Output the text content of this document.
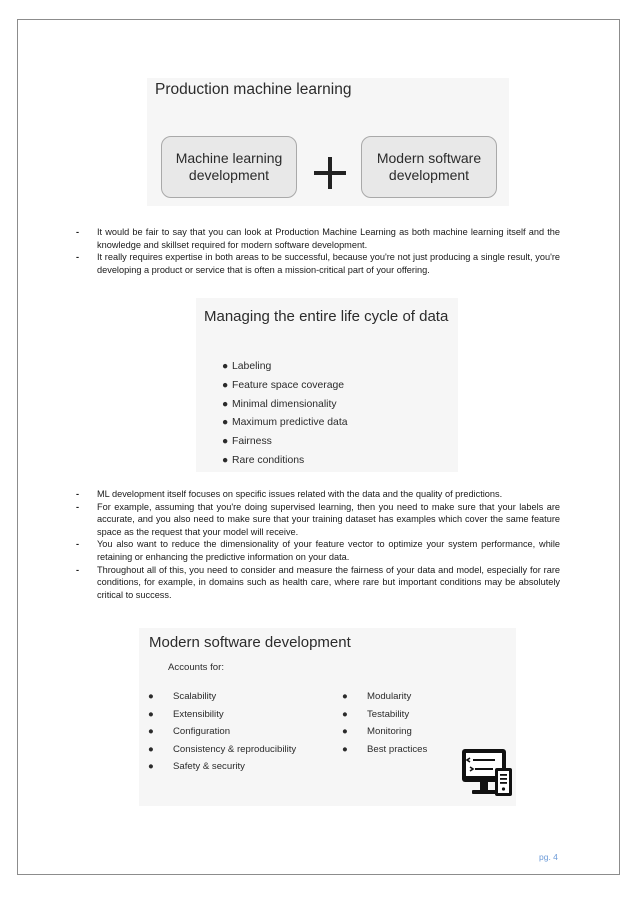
Production machine learning
Machine learning development
Modern software development
- It would be fair to say that you can look at Production Machine Learning as both machine learning itself and the knowledge and skillset required for modern software development.
- It really requires expertise in both areas to be successful, because you're not just producing a single result, you're developing a product or service that is often a mission-critical part of your offering.
Managing the entire life cycle of data
● Labeling
● Feature space coverage
● Minimal dimensionality
● Maximum predictive data
● Fairness
● Rare conditions
- ML development itself focuses on specific issues related with the data and the quality of predictions.
- For example, assuming that you're doing supervised learning, then you need to make sure that your labels are accurate, and you also need to make sure that your training dataset has examples which cover the same feature space as the request that your model will receive.
- You also want to reduce the dimensionality of your feature vector to optimize your system performance, while retaining or enhancing the predictive information on your data.
- Throughout all of this, you need to consider and measure the fairness of your data and model, especially for rare conditions, for example, in domains such as health care, where rare but important conditions may be absolutely critical to success.
Modern software development
Accounts for:
● Scalability
● Extensibility
● Configuration
● Consistency & reproducibility
● Safety & security
● Modularity
● Testability
● Monitoring
● Best practices
pg. 4
